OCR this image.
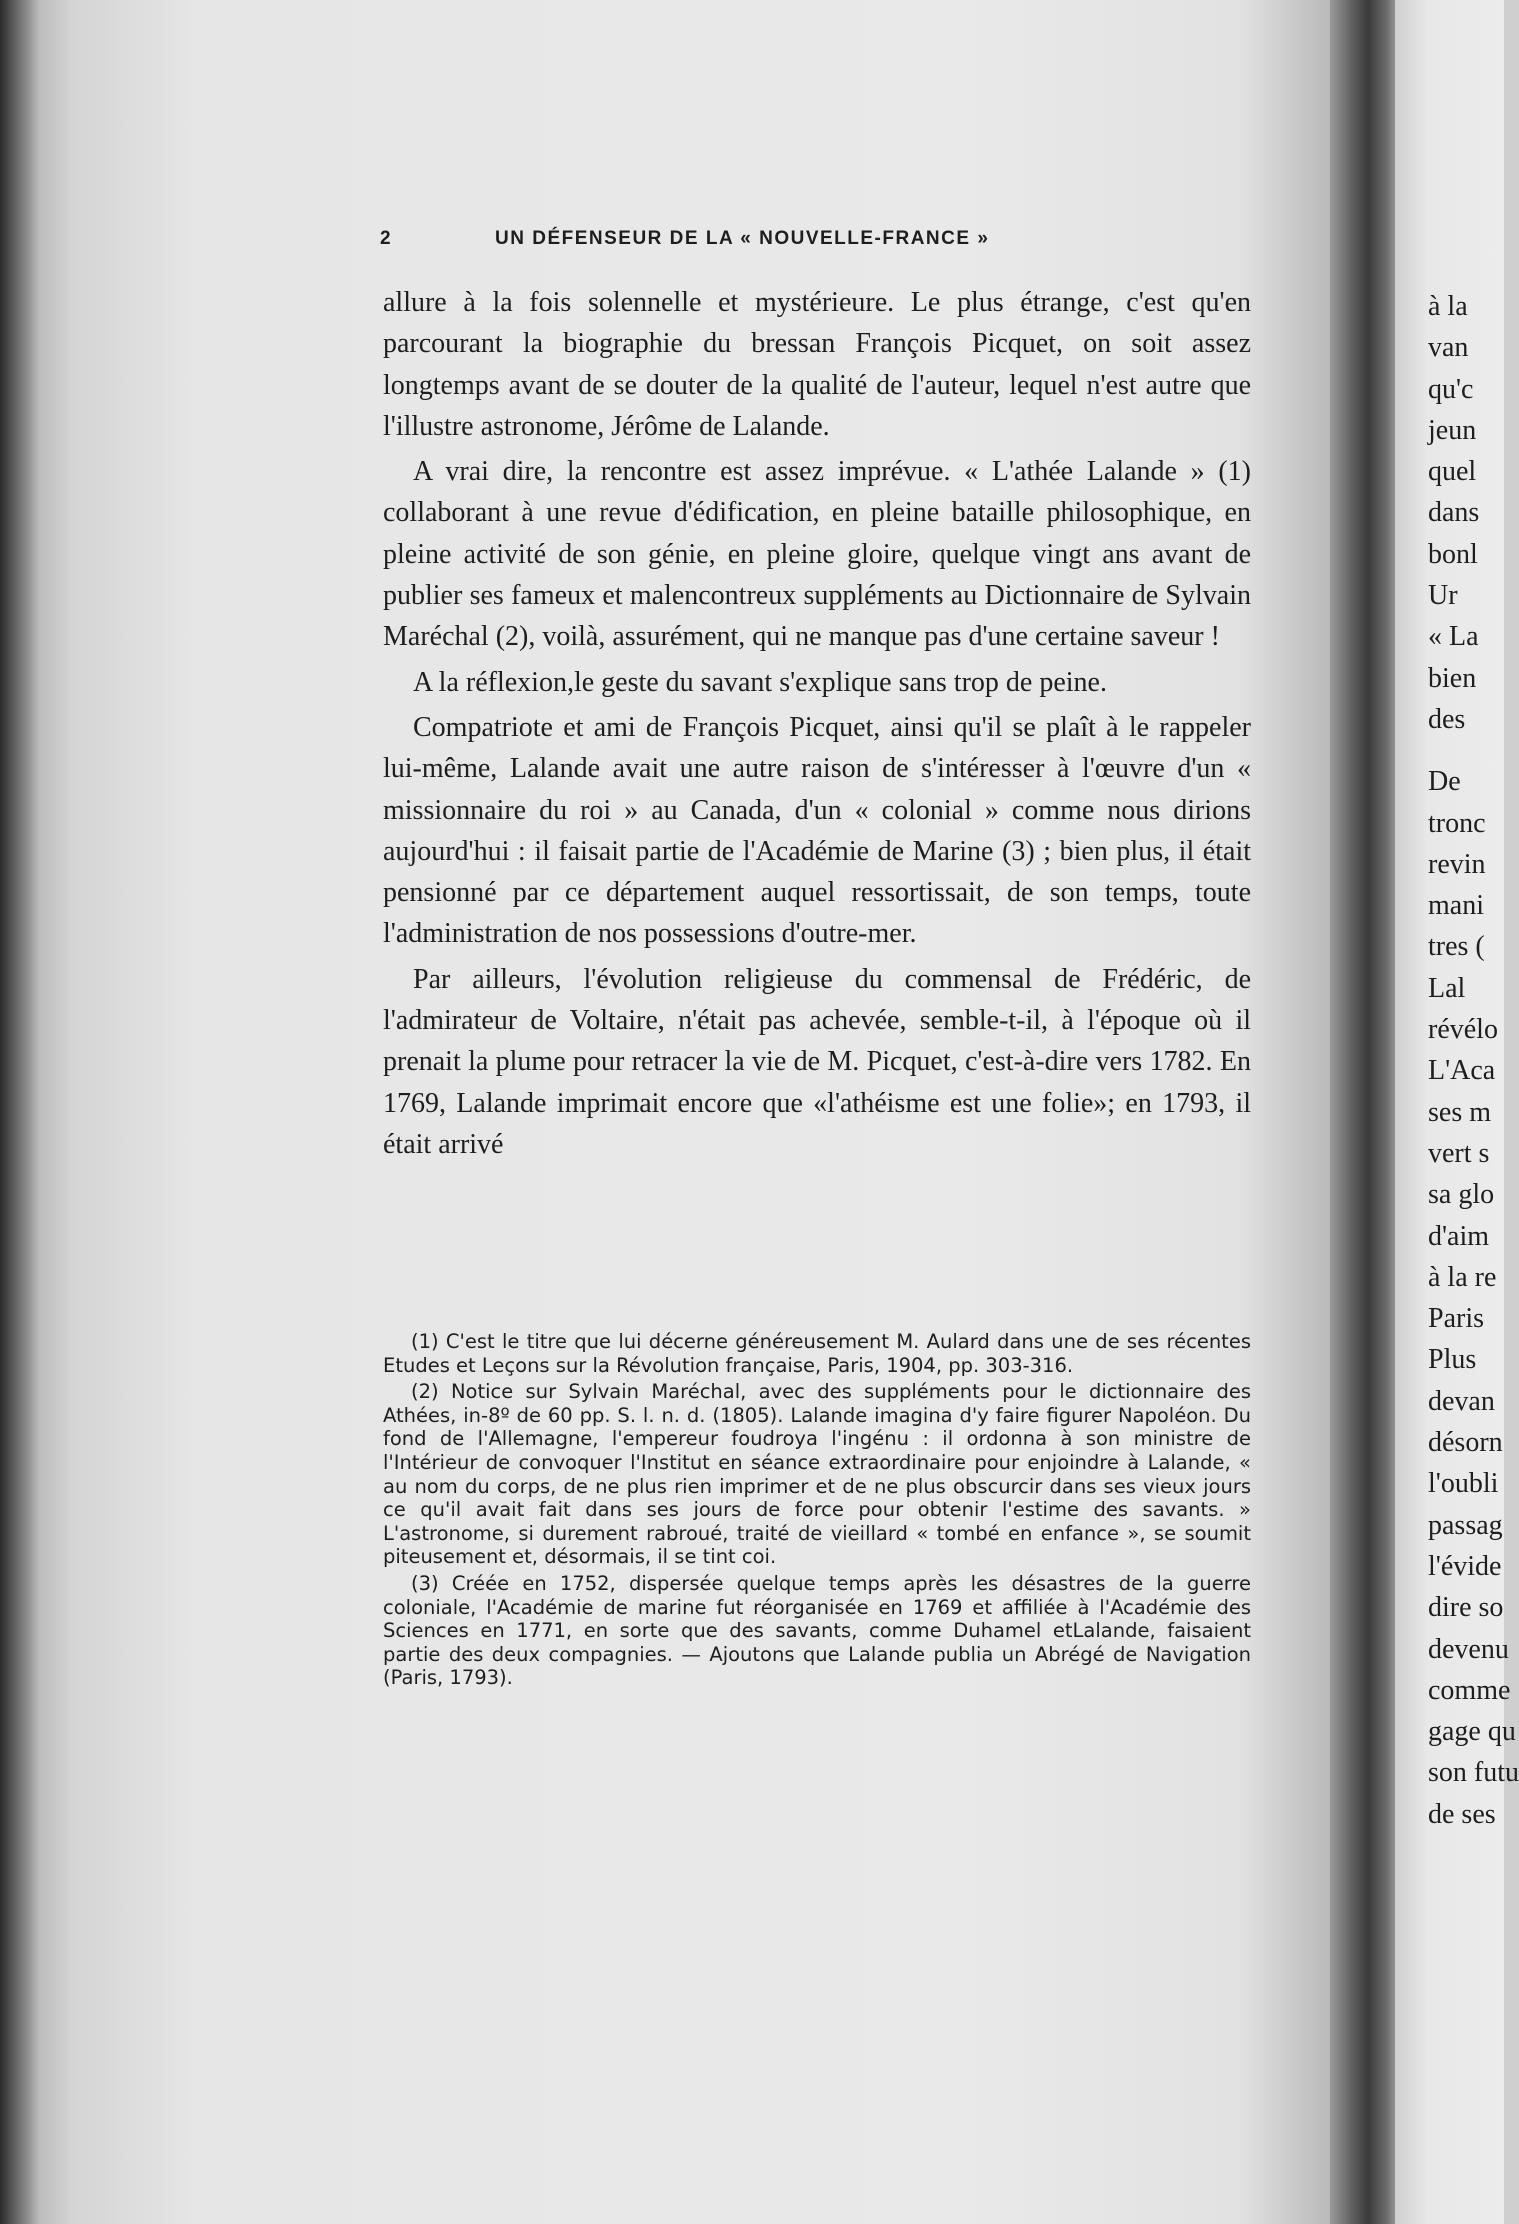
2	UN DÉFENSEUR DE LA « NOUVELLE-FRANCE »

allure à la fois solennelle et mystérieure. Le plus étrange, c'est qu'en parcourant la biographie du bressan François Picquet, on soit assez longtemps avant de se douter de la qualité de l'auteur, lequel n'est autre que l'illustre astronome, Jérôme de Lalande.

A vrai dire, la rencontre est assez imprévue. « L'athée Lalande » (1) collaborant à une revue d'édification, en pleine bataille philosophique, en pleine activité de son génie, en pleine gloire, quelque vingt ans avant de publier ses fameux et malencontreux suppléments au Dictionnaire de Sylvain Maréchal (2), voilà, assurément, qui ne manque pas d'une certaine saveur !

A la réflexion,le geste du savant s'explique sans trop de peine.

Compatriote et ami de François Picquet, ainsi qu'il se plaît à le rappeler lui-même, Lalande avait une autre raison de s'intéresser à l'œuvre d'un « missionnaire du roi » au Canada, d'un « colonial » comme nous dirions aujourd'hui : il faisait partie de l'Académie de Marine (3) ; bien plus, il était pensionné par ce département auquel ressortissait, de son temps, toute l'administration de nos possessions d'outre-mer.

Par ailleurs, l'évolution religieuse du commensal de Frédéric, de l'admirateur de Voltaire, n'était pas achevée, semble-t-il, à l'époque où il prenait la plume pour retracer la vie de M. Picquet, c'est-à-dire vers 1782. En 1769, Lalande imprimait encore que «l'athéisme est une folie»; en 1793, il était arrivé

(1) C'est le titre que lui décerne généreusement M. Aulard dans une de ses récentes Etudes et Leçons sur la Révolution française, Paris, 1904, pp. 303-316.

(2) Notice sur Sylvain Maréchal, avec des suppléments pour le dictionnaire des Athées, in-8º de 60 pp. S. l. n. d. (1805). Lalande imagina d'y faire figurer Napoléon. Du fond de l'Allemagne, l'empereur foudroya l'ingénu : il ordonna à son ministre de l'Intérieur de convoquer l'Institut en séance extraordinaire pour enjoindre à Lalande, « au nom du corps, de ne plus rien imprimer et de ne plus obscurcir dans ses vieux jours ce qu'il avait fait dans ses jours de force pour obtenir l'estime des savants. » L'astronome, si durement rabroué, traité de vieillard « tombé en enfance », se soumit piteusement et, désormais, il se tint coi.

(3) Créée en 1752, dispersée quelque temps après les désastres de la guerre coloniale, l'Académie de marine fut réorganisée en 1769 et affiliée à l'Académie des Sciences en 1771, en sorte que des savants, comme Duhamel etLalande, faisaient partie des deux compagnies. — Ajoutons que Lalande publia un Abrégé de Navigation (Paris, 1793).

à la
van
qu'c
jeun
quel
dans
bonl
Ur
« La
bien
des
De
tronc
revin
mani
tres (
Lal
révélo
L'Aca
ses m
vert s
sa glo
d'aim
à la re
Paris
Plus
devan
désorn
l'oubli
passag
l'évide
dire so
devenu
comme
gage qu
son futu
de ses
